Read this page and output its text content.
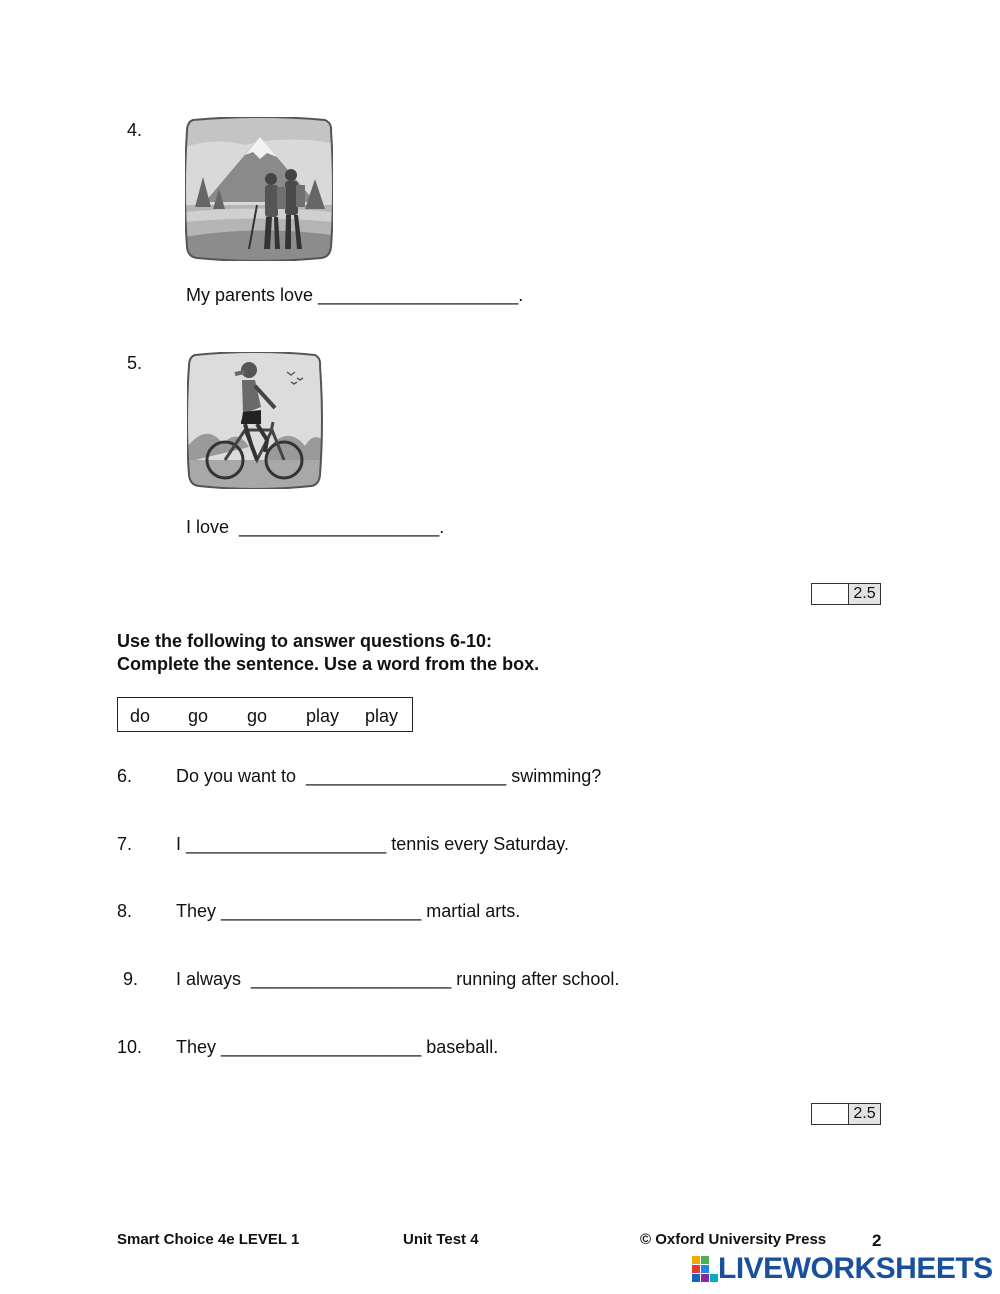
4.
My parents love ____________________.
5.
I love  ____________________.
2.5
Use the following to answer questions 6-10:
Complete the sentence. Use a word from the box.
do go go play play
6. Do you want to  ____________________ swimming?
7. I ____________________ tennis every Saturday.
8. They ____________________ martial arts.
9. I always  ____________________ running after school.
10. They ____________________ baseball.
2.5
Smart Choice 4e LEVEL 1	Unit Test 4	© Oxford University Press	2
LIVEWORKSHEETS
